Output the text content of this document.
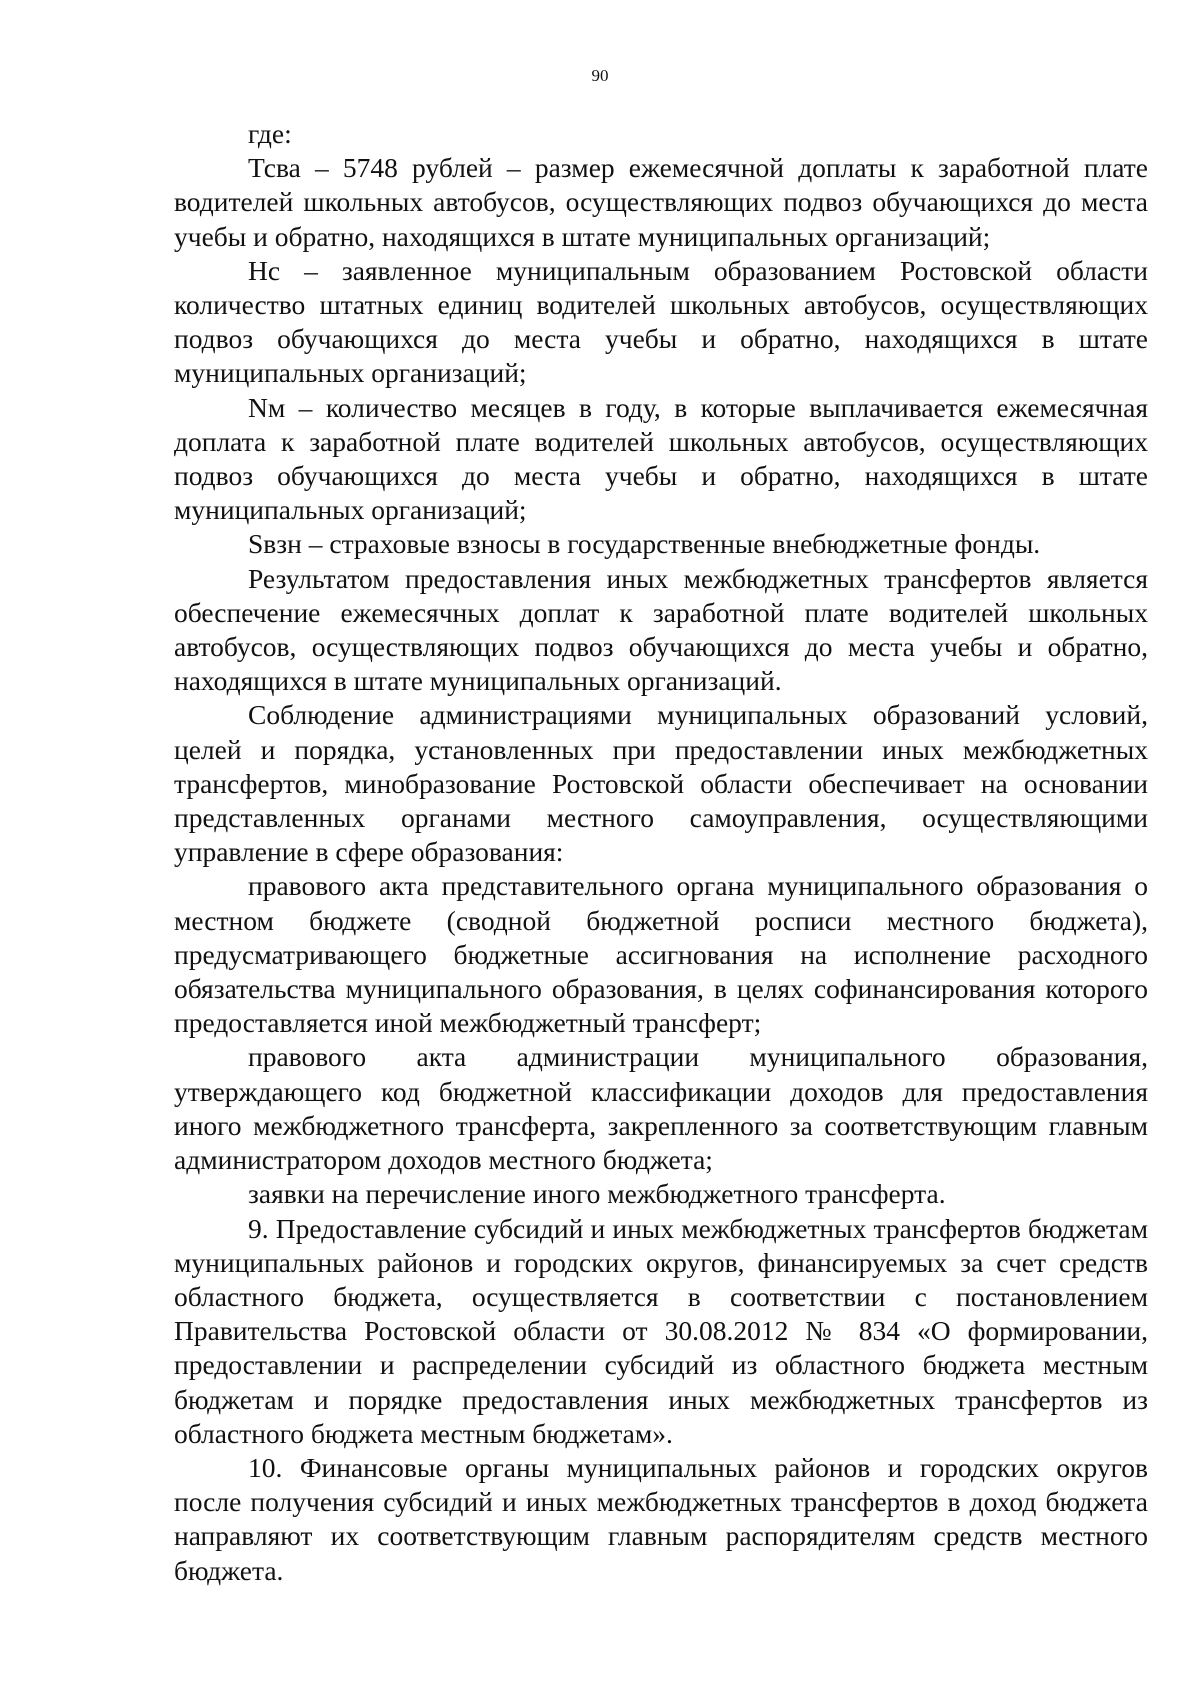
90

где:

Тсва – 5748 рублей – размер ежемесячной доплаты к заработной плате водителей школьных автобусов, осуществляющих подвоз обучающихся до места учебы и обратно, находящихся в штате муниципальных организаций;

Нс – заявленное муниципальным образованием Ростовской области количество штатных единиц водителей школьных автобусов, осуществляющих подвоз обучающихся до места учебы и обратно, находящихся в штате муниципальных организаций;

Nм – количество месяцев в году, в которые выплачивается ежемесячная доплата к заработной плате водителей школьных автобусов, осуществляющих подвоз обучающихся до места учебы и обратно, находящихся в штате муниципальных организаций;

Sвзн – страховые взносы в государственные внебюджетные фонды.

Результатом предоставления иных межбюджетных трансфертов является обеспечение ежемесячных доплат к заработной плате водителей школьных автобусов, осуществляющих подвоз обучающихся до места учебы и обратно, находящихся в штате муниципальных организаций.

Соблюдение администрациями муниципальных образований условий, целей и порядка, установленных при предоставлении иных межбюджетных трансфертов, минобразование Ростовской области обеспечивает на основании представленных органами местного самоуправления, осуществляющими управление в сфере образования:

правового акта представительного органа муниципального образования о местном бюджете (сводной бюджетной росписи местного бюджета), предусматривающего бюджетные ассигнования на исполнение расходного обязательства муниципального образования, в целях софинансирования которого предоставляется иной межбюджетный трансферт;

правового акта администрации муниципального образования, утверждающего код бюджетной классификации доходов для предоставления иного межбюджетного трансферта, закрепленного за соответствующим главным администратором доходов местного бюджета;

заявки на перечисление иного межбюджетного трансферта.

9. Предоставление субсидий и иных межбюджетных трансфертов бюджетам муниципальных районов и городских округов, финансируемых за счет средств областного бюджета, осуществляется в соответствии с постановлением Правительства Ростовской области от 30.08.2012 № 834 «О формировании, предоставлении и распределении субсидий из областного бюджета местным бюджетам и порядке предоставления иных межбюджетных трансфертов из областного бюджета местным бюджетам».

10. Финансовые органы муниципальных районов и городских округов после получения субсидий и иных межбюджетных трансфертов в доход бюджета направляют их соответствующим главным распорядителям средств местного бюджета.
